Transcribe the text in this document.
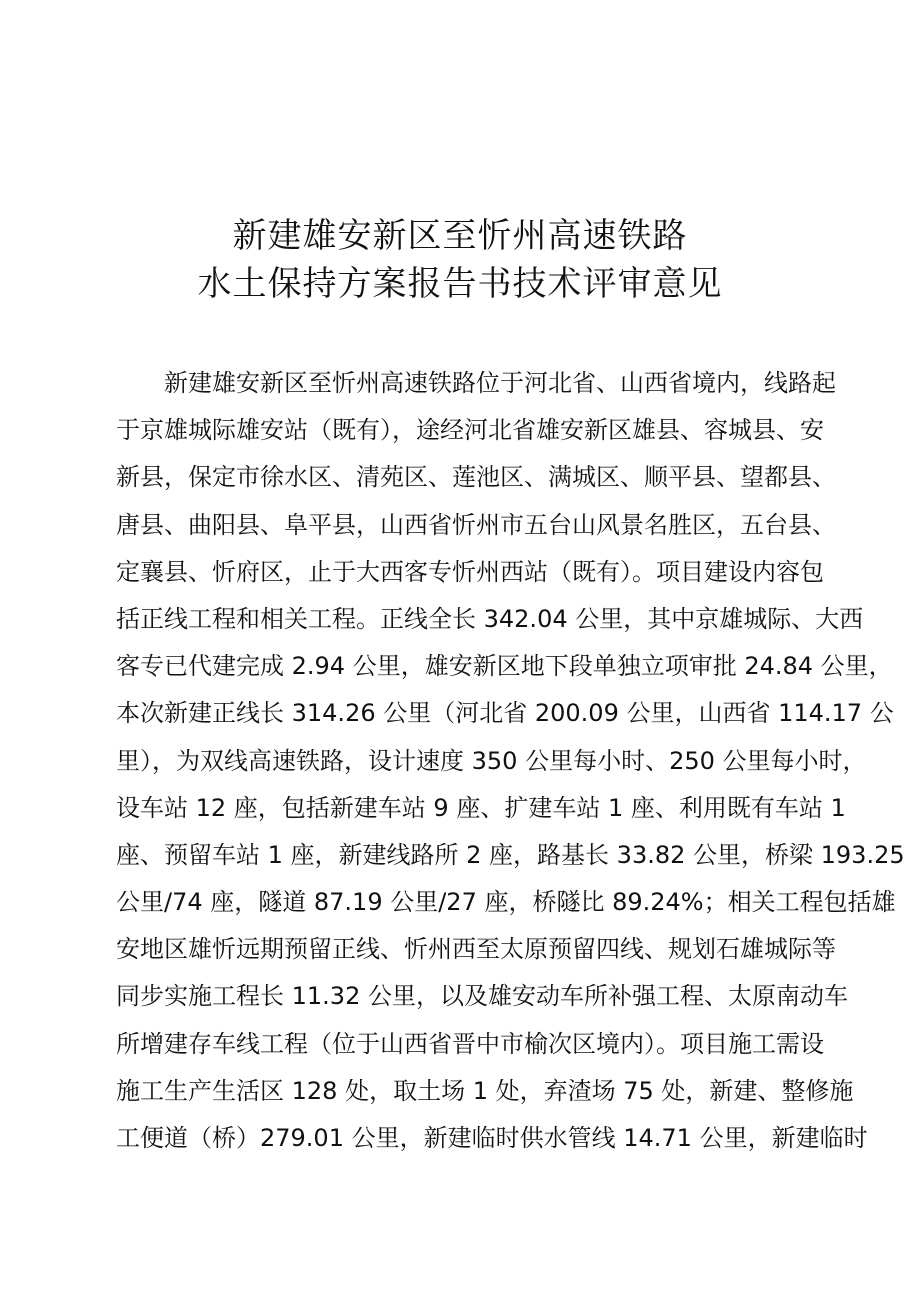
新建雄安新区至忻州高速铁路
水土保持方案报告书技术评审意见
新建雄安新区至忻州高速铁路位于河北省、山西省境内，线路起
于京雄城际雄安站（既有），途经河北省雄安新区雄县、容城县、安
新县，保定市徐水区、清苑区、莲池区、满城区、顺平县、望都县、
唐县、曲阳县、阜平县，山西省忻州市五台山风景名胜区，五台县、
定襄县、忻府区，止于大西客专忻州西站（既有）。项目建设内容包
括正线工程和相关工程。正线全长 342.04 公里，其中京雄城际、大西
客专已代建完成 2.94 公里，雄安新区地下段单独立项审批 24.84 公里，
本次新建正线长 314.26 公里（河北省 200.09 公里，山西省 114.17 公
里），为双线高速铁路，设计速度 350 公里每小时、250 公里每小时，
设车站 12 座，包括新建车站 9 座、扩建车站 1 座、利用既有车站 1
座、预留车站 1 座，新建线路所 2 座，路基长 33.82 公里，桥梁 193.25
公里/74 座，隧道 87.19 公里/27 座，桥隧比 89.24%；相关工程包括雄
安地区雄忻远期预留正线、忻州西至太原预留四线、规划石雄城际等
同步实施工程长 11.32 公里，以及雄安动车所补强工程、太原南动车
所增建存车线工程（位于山西省晋中市榆次区境内）。项目施工需设
施工生产生活区 128 处，取土场 1 处，弃渣场 75 处，新建、整修施
工便道（桥）279.01 公里，新建临时供水管线 14.71 公里，新建临时
